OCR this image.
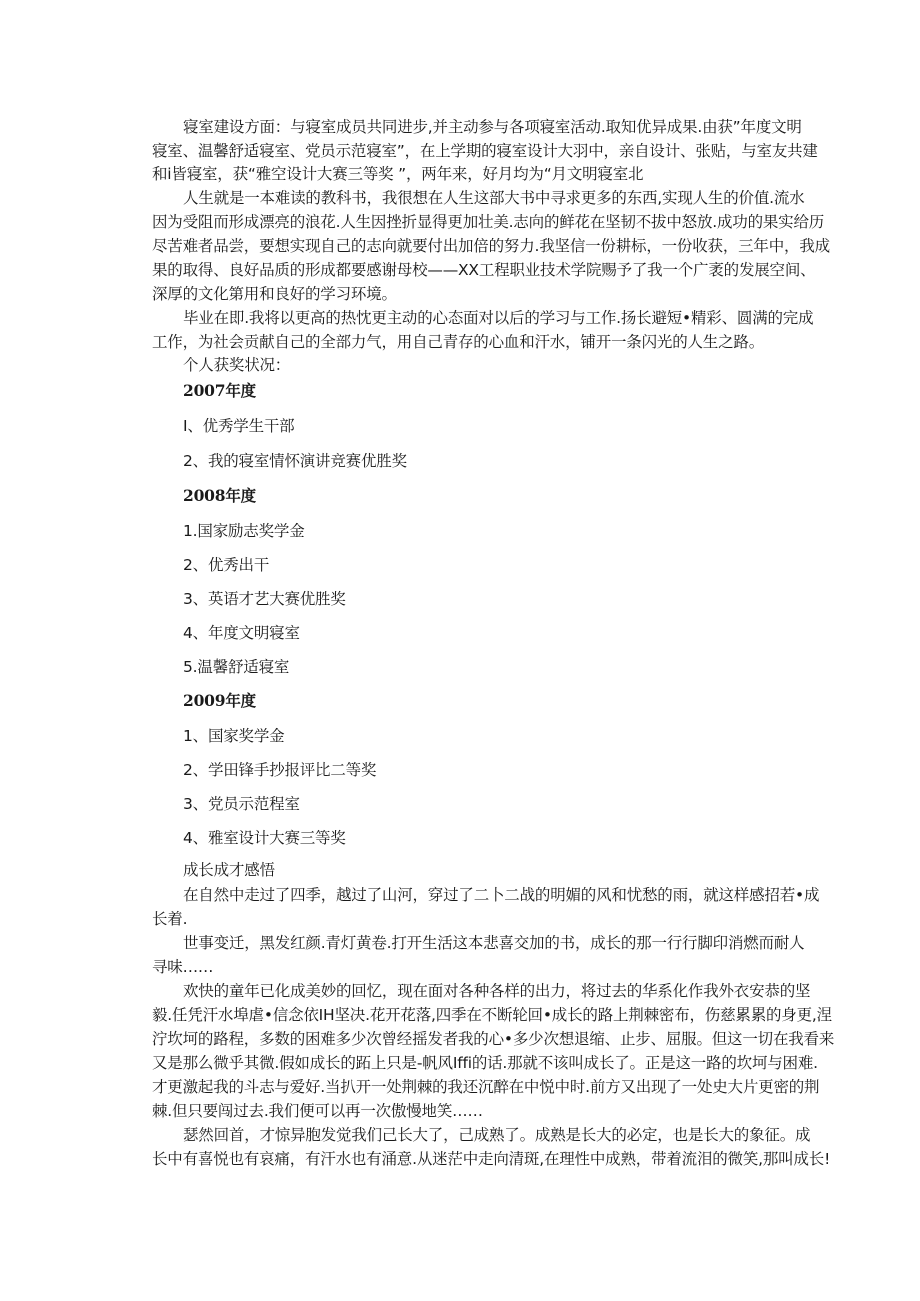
寝室建设方面：与寝室成员共同进步,并主动参与各项寝室活动.取知优异成果.由获”年度文明

寝室、温馨舒适寝室、党员示范寝室”，在上学期的寝室设计大羽中，亲自设计、张贴，与室友共建

和i皆寝室，获“雅空设计大赛三等奖 ”，两年来，好月均为“月文明寝室北

人生就是一本难读的教科书，我很想在人生这部大书中寻求更多的东西,实现人生的价值.流水

因为受阻而形成漂亮的浪花.人生因挫折显得更加壮美.志向的鲜花在坚韧不拔中怒放.成功的果实给历

尽苦难者品尝，要想实现自己的志向就要付出加倍的努力.我坚信一份耕标，一份收获，三年中，我成

果的取得、良好品质的形成都要感谢母校——XX工程职业技术学院赐予了我一个广袤的发展空间、

深厚的文化第用和良好的学习环境。

毕业在即.我将以更高的热忱更主动的心态面对以后的学习与工作.扬长避短•精彩、圆满的完成

工作，为社会贡献自己的全部力气，用自己青存的心血和汗水，铺开一条闪光的人生之路。

个人获奖状况：

2007年度

I、优秀学生干部

2、我的寝室情怀演讲竞赛优胜奖

2008年度

1.国家励志奖学金

2、优秀出干

3、英语才艺大赛优胜奖

4、年度文明寝室

5.温馨舒适寝室

2009年度

1、国家奖学金

2、学田锋手抄报评比二等奖

3、党员示范程室

4、雅室设计大赛三等奖

成长成才感悟

在自然中走过了四季，越过了山河，穿过了二卜二战的明媚的风和忧愁的雨，就这样感招若•成

长着.

世事变迁，黑发红颜.青灯黄卷.打开生活这本悲喜交加的书，成长的那一行行脚印消燃而耐人

寻味……

欢快的童年已化成美妙的回忆，现在面对各种各样的出力，将过去的华系化作我外衣安恭的坚

毅.任凭汗水埠虐•信念依IH坚决.花开花落,四季在不断轮回•成长的路上荆棘密布，伤慈累累的身更,涅

泞坎坷的路程，多数的困难多少次曾经摇发者我的心•多少次想退缩、止步、屈服。但这一切在我看来

又是那么微乎其微.假如成长的跖上只是-帆风Iffi的话.那就不该叫成长了。正是这一路的坎坷与困难.

才更激起我的斗志与爱好.当扒开一处荆棘的我还沉醉在中悦中时.前方又出现了一处史大片更密的荆

棘.但只要闯过去.我们便可以再一次傲慢地笑……

瑟然回首，才惊异胞发觉我们己长大了，己成熟了。成熟是长大的必定，也是长大的象征。成

长中有喜悦也有哀痛，有汗水也有涌意.从迷茫中走向清斑,在理性中成熟，带着流泪的微笑,那叫成长!
